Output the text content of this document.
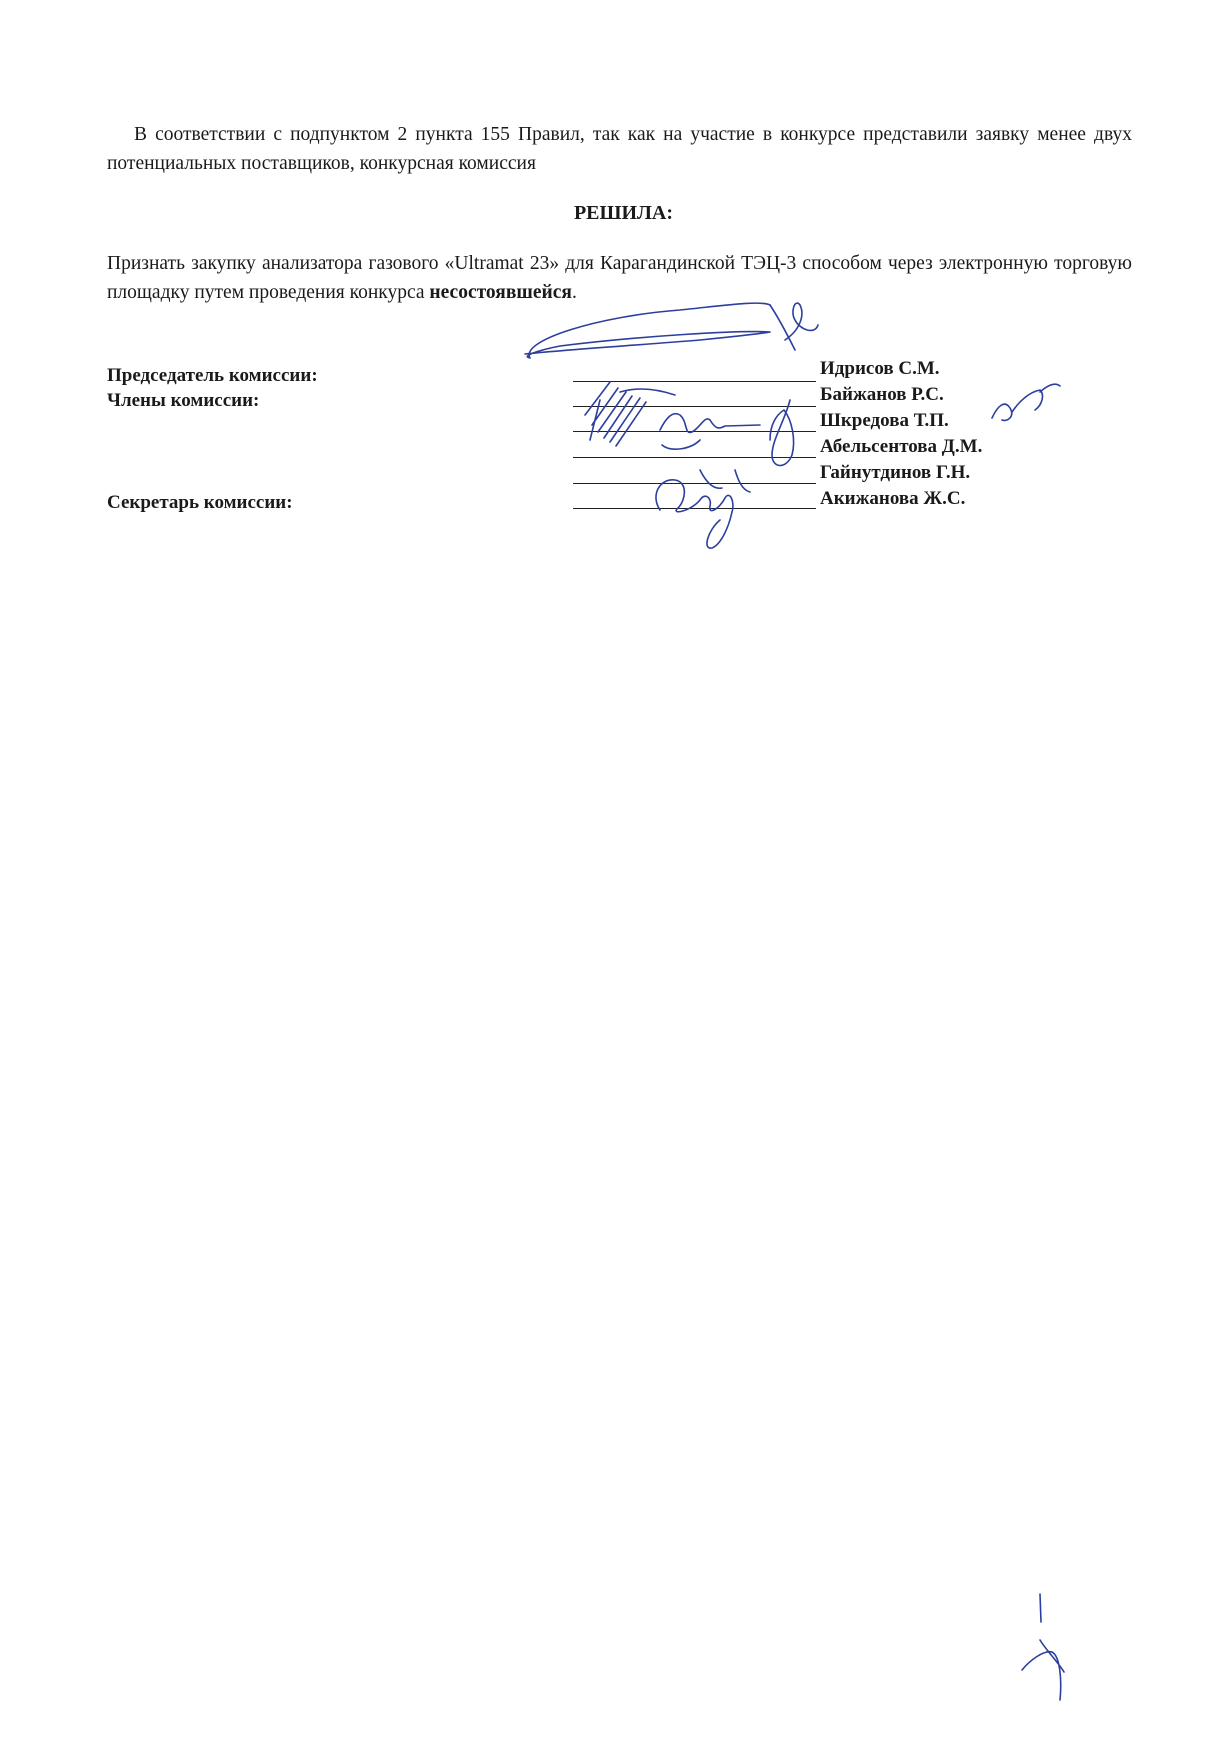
В соответствии с подпунктом 2 пункта 155 Правил, так как на участие в конкурсе представили заявку менее двух потенциальных поставщиков, конкурсная комиссия
РЕШИЛА:
Признать закупку анализатора газового «Ultramat 23» для Карагандинской ТЭЦ-3 способом через электронную торговую площадку путем проведения конкурса несостоявшейся.
Председатель комиссии:
Члены комиссии:
Секретарь комиссии:
Идрисов С.М.
Байжанов Р.С.
Шкредова Т.П.
Абельсентова Д.М.
Гайнутдинов Г.Н.
Акижанова Ж.С.
